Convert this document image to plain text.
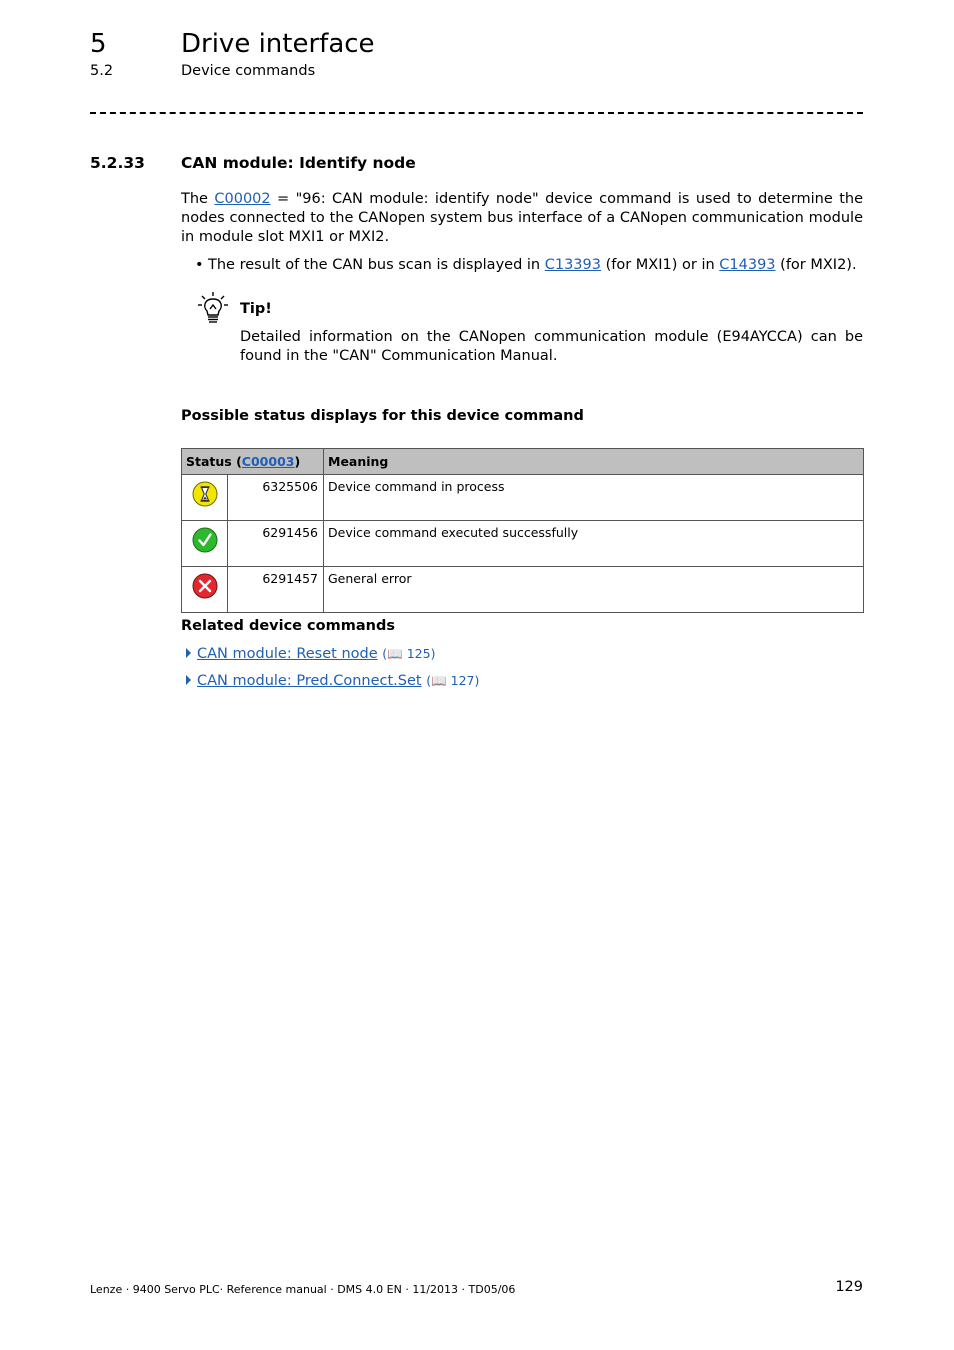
5	Drive interface
5.2	Device commands
5.2.33 CAN module: Identify node
The C00002 = "96: CAN module: identify node" device command is used to determine the nodes connected to the CANopen system bus interface of a CANopen communication module in module slot MXI1 or MXI2.
• The result of the CAN bus scan is displayed in C13393 (for MXI1) or in C14393 (for MXI2).
Tip!
Detailed information on the CANopen communication module (E94AYCCA) can be found in the "CAN" Communication Manual.
Possible status displays for this device command
Status (C00003)		Meaning
	6325506	Device command in process
	6291456	Device command executed successfully
	6291457	General error
Related device commands
CAN module: Reset node (📖 125)
CAN module: Pred.Connect.Set (📖 127)
Lenze · 9400 Servo PLC· Reference manual · DMS 4.0 EN · 11/2013 · TD05/06	129
